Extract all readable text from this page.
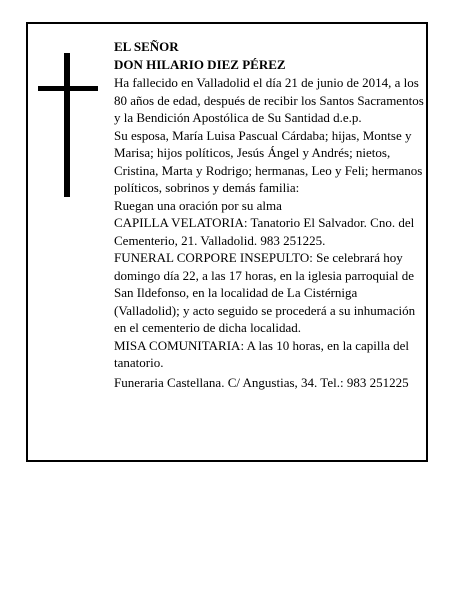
EL SEÑOR

DON HILARIO DIEZ PÉREZ

Ha fallecido en Valladolid el día 21 de junio de 2014, a los 80 años de edad, después de recibir los Santos Sacramentos y la Bendición Apostólica de Su Santidad d.e.p.

Su esposa, María Luisa Pascual Cárdaba; hijas, Montse y Marisa; hijos políticos, Jesús Ángel y Andrés; nietos, Cristina, Marta y Rodrigo; hermanas, Leo y Feli; hermanos políticos, sobrinos y demás familia:

Ruegan una oración por su alma

CAPILLA VELATORIA: Tanatorio El Salvador. Cno. del Cementerio, 21. Valladolid. 983 251225.

FUNERAL CORPORE INSEPULTO: Se celebrará hoy domingo día 22, a las 17 horas, en la iglesia parroquial de San Ildefonso, en la localidad de La Cistérniga (Valladolid); y acto seguido se procederá a su inhumación en el cementerio de dicha localidad.

MISA COMUNITARIA: A las 10 horas, en la capilla del tanatorio.

Funeraria Castellana. C/ Angustias, 34. Tel.: 983 251225
